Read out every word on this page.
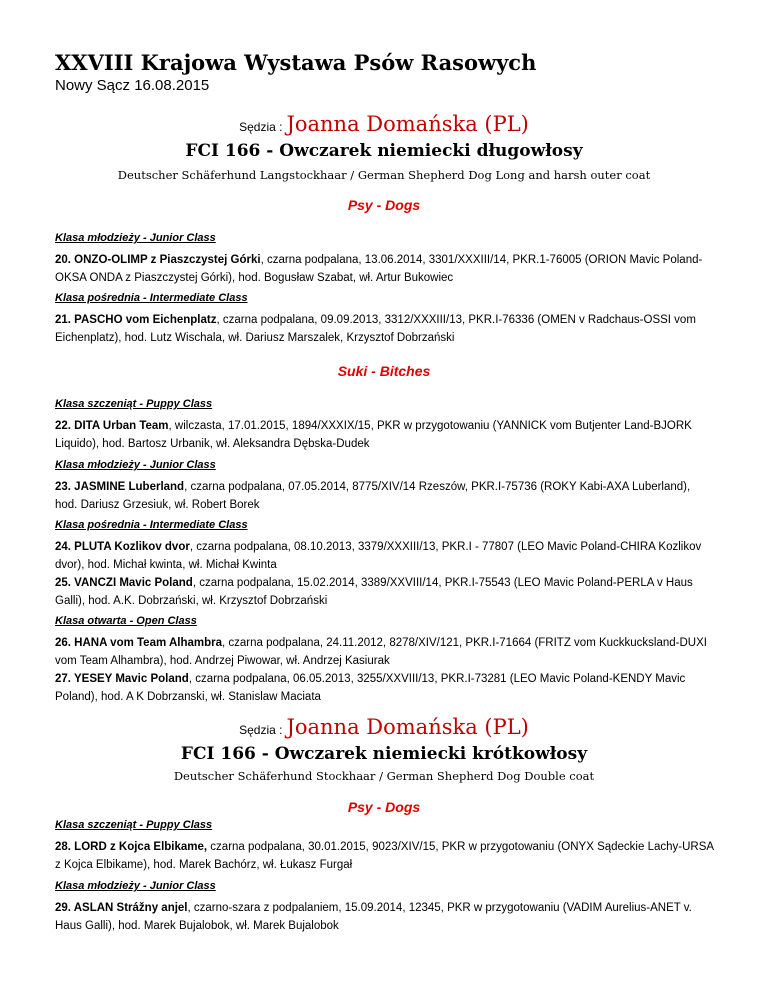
XXVIII Krajowa Wystawa Psów Rasowych
Nowy Sącz 16.08.2015
Sędzia : Joanna Domańska (PL)
FCI 166 - Owczarek niemiecki długowłosy
Deutscher Schäferhund Langstockhaar / German Shepherd Dog Long and harsh outer coat
Psy - Dogs
Klasa młodzieży - Junior Class
20. ONZO-OLIMP z Piaszczystej Górki, czarna podpalana, 13.06.2014, 3301/XXXIII/14, PKR.1-76005 (ORION Mavic Poland-OKSA ONDA z Piaszczystej Górki), hod. Bogusław Szabat, wł. Artur Bukowiec
Klasa pośrednia - Intermediate Class
21. PASCHO vom Eichenplatz, czarna podpalana, 09.09.2013, 3312/XXXIII/13, PKR.I-76336 (OMEN v Radchaus-OSSI vom Eichenplatz), hod. Lutz Wischala, wł. Dariusz Marszalek, Krzysztof Dobrzański
Suki - Bitches
Klasa szczeniąt - Puppy Class
22. DITA Urban Team, wilczasta, 17.01.2015, 1894/XXXIX/15, PKR w przygotowaniu (YANNICK vom Butjenter Land-BJORK Liquido), hod. Bartosz Urbanik, wł. Aleksandra Dębska-Dudek
Klasa młodzieży - Junior Class
23. JASMINE Luberland, czarna podpalana, 07.05.2014, 8775/XIV/14 Rzeszów, PKR.I-75736 (ROKY Kabi-AXA Luberland), hod. Dariusz Grzesiuk, wł. Robert Borek
Klasa pośrednia - Intermediate Class
24. PLUTA Kozlikov dvor, czarna podpalana, 08.10.2013, 3379/XXXIII/13, PKR.I - 77807 (LEO Mavic Poland-CHIRA Kozlikov dvor), hod. Michał kwinta, wł. Michał Kwinta
25. VANCZI Mavic Poland, czarna podpalana, 15.02.2014, 3389/XXVIII/14, PKR.I-75543 (LEO Mavic Poland-PERLA v Haus Galli), hod. A.K. Dobrzański, wł. Krzysztof Dobrzański
Klasa otwarta - Open Class
26. HANA vom Team Alhambra, czarna podpalana, 24.11.2012, 8278/XIV/121, PKR.I-71664 (FRITZ vom Kuckkucksland-DUXI vom Team Alhambra), hod. Andrzej Piwowar, wł. Andrzej Kasiurak
27. YESEY Mavic Poland, czarna podpalana, 06.05.2013, 3255/XXVIII/13, PKR.I-73281 (LEO Mavic Poland-KENDY Mavic Poland), hod. A K Dobrzanski, wł. Stanislaw Maciata
Sędzia : Joanna Domańska (PL)
FCI 166 - Owczarek niemiecki krótkowłosy
Deutscher Schäferhund Stockhaar / German Shepherd Dog Double coat
Psy - Dogs
Klasa szczeniąt - Puppy Class
28. LORD z Kojca Elbikame, czarna podpalana, 30.01.2015, 9023/XIV/15, PKR w przygotowaniu (ONYX Sądeckie Lachy-URSA z Kojca Elbikame), hod. Marek Bachórz, wł. Łukasz Furgał
Klasa młodzieży - Junior Class
29. ASLAN Strážny anjel, czarno-szara z podpalaniem, 15.09.2014, 12345, PKR w przygotowaniu (VADIM Aurelius-ANET v. Haus Galli), hod. Marek Bujalobok, wł. Marek Bujalobok
